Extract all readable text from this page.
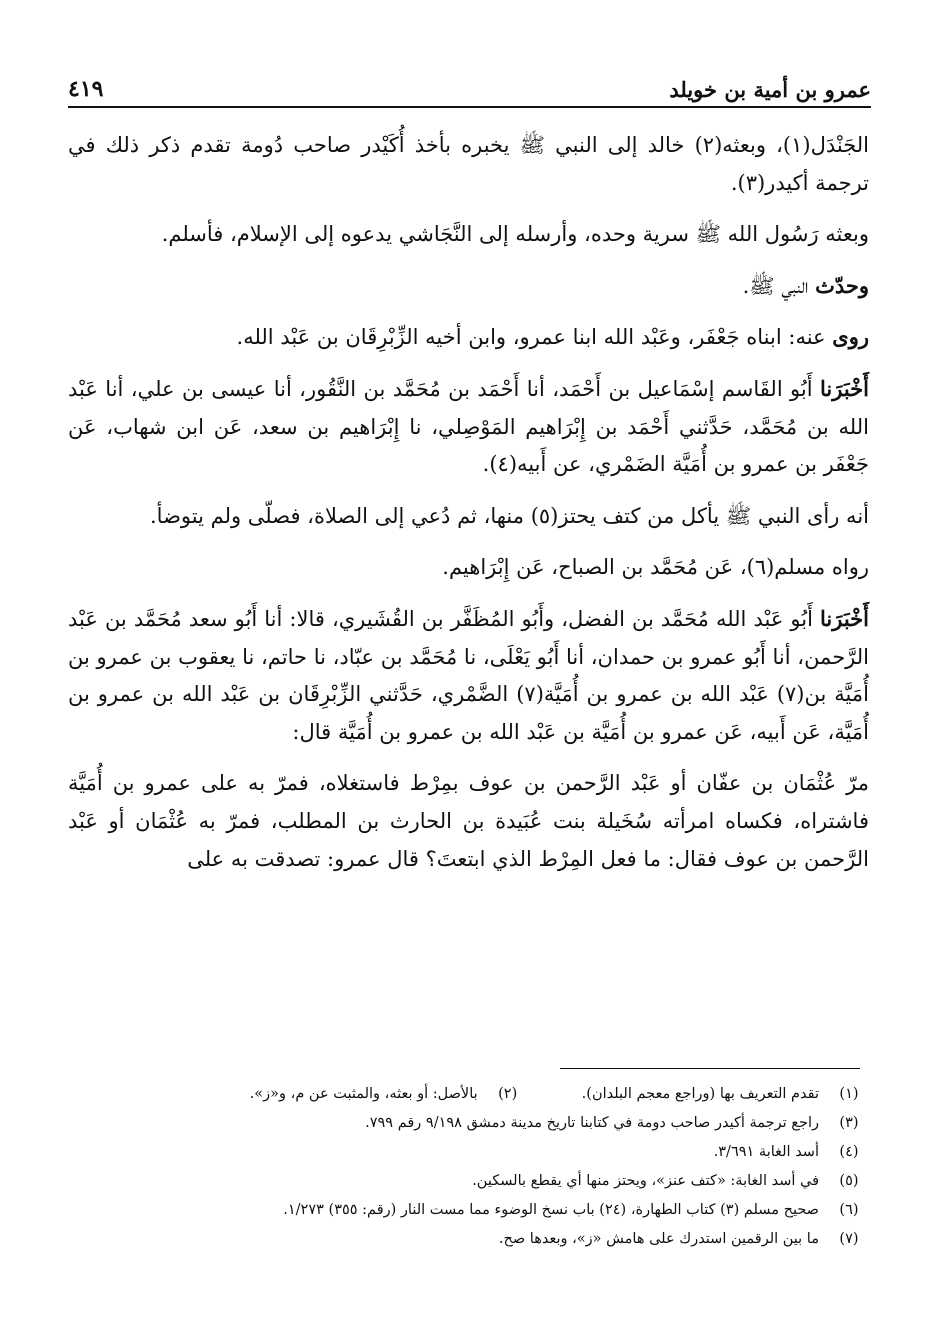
عمرو بن أمية بن خويلد
٤١٩

الجَنْدَل(١)، وبعثه(٢) خالد إلى النبي ﷺ يخبره بأخذ أُكَيْدر صاحب دُومة تقدم ذكر ذلك في ترجمة أكيدر(٣).

وبعثه رَسُول الله ﷺ سرية وحده، وأرسله إلى النَّجَاشي يدعوه إلى الإسلام، فأسلم.

وحدّث النبي ﷺ.

روى عنه: ابناه جَعْفَر، وعَبْد الله ابنا عمرو، وابن أخيه الزِّبْرِقَان بن عَبْد الله.

أَخْبَرَنا أَبُو القَاسم إسْمَاعيل بن أَحْمَد، أنا أَحْمَد بن مُحَمَّد بن النَّقُور، أنا عيسى بن علي، أنا عَبْد الله بن مُحَمَّد، حَدَّثني أَحْمَد بن إِبْرَاهيم المَوْصِلي، نا إِبْرَاهيم بن سعد، عَن ابن شهاب، عَن جَعْفَر بن عمرو بن أُمَيَّة الضَمْري، عن أَبيه(٤).

أنه رأى النبي ﷺ يأكل من كتف يحتز(٥) منها، ثم دُعي إلى الصلاة، فصلّى ولم يتوضأ.

رواه مسلم(٦)، عَن مُحَمَّد بن الصباح، عَن إِبْرَاهيم.

أَخْبَرَنا أَبُو عَبْد الله مُحَمَّد بن الفضل، وأَبُو المُظَفَّر بن القُشَيري، قالا: أنا أَبُو سعد مُحَمَّد بن عَبْد الرَّحمن، أنا أَبُو عمرو بن حمدان، أنا أَبُو يَعْلَى، نا مُحَمَّد بن عبّاد، نا حاتم، نا يعقوب بن عمرو بن أُمَيَّة بن(٧) عَبْد الله بن عمرو بن أُمَيَّة(٧) الضَّمْري، حَدَّثني الزِّبْرِقَان بن عَبْد الله بن عمرو بن أُمَيَّة، عَن أَبيه، عَن عمرو بن أُمَيَّة بن عَبْد الله بن عمرو بن أُمَيَّة قال:

مرّ عُثْمَان بن عفّان أو عَبْد الرَّحمن بن عوف بمِرْط فاستغلاه، فمرّ به على عمرو بن أُمَيَّة فاشتراه، فكساه امرأته سُخَيلة بنت عُبَيدة بن الحارث بن المطلب، فمرّ به عُثْمَان أو عَبْد الرَّحمن بن عوف فقال: ما فعل المِرْط الذي ابتعتَ؟ قال عمرو: تصدقت به على

(١)
تقدم التعريف بها (وراجع معجم البلدان).
(٢)
بالأصل: أو بعثه، والمثبت عن م، و«ز».
(٣)
راجع ترجمة أكيدر صاحب دومة في كتابنا تاريخ مدينة دمشق ٩/١٩٨ رقم ٧٩٩.
(٤)
أسد الغابة ٣/٦٩١.
(٥)
في أسد الغابة: «كتف عنز»، ويحتز منها أي يقطع بالسكين.
(٦)
صحيح مسلم (٣) كتاب الطهارة، (٢٤) باب نسخ الوضوء مما مست النار (رقم: ٣٥٥) ١/٢٧٣.
(٧)
ما بين الرقمين استدرك على هامش «ز»، وبعدها صح.
